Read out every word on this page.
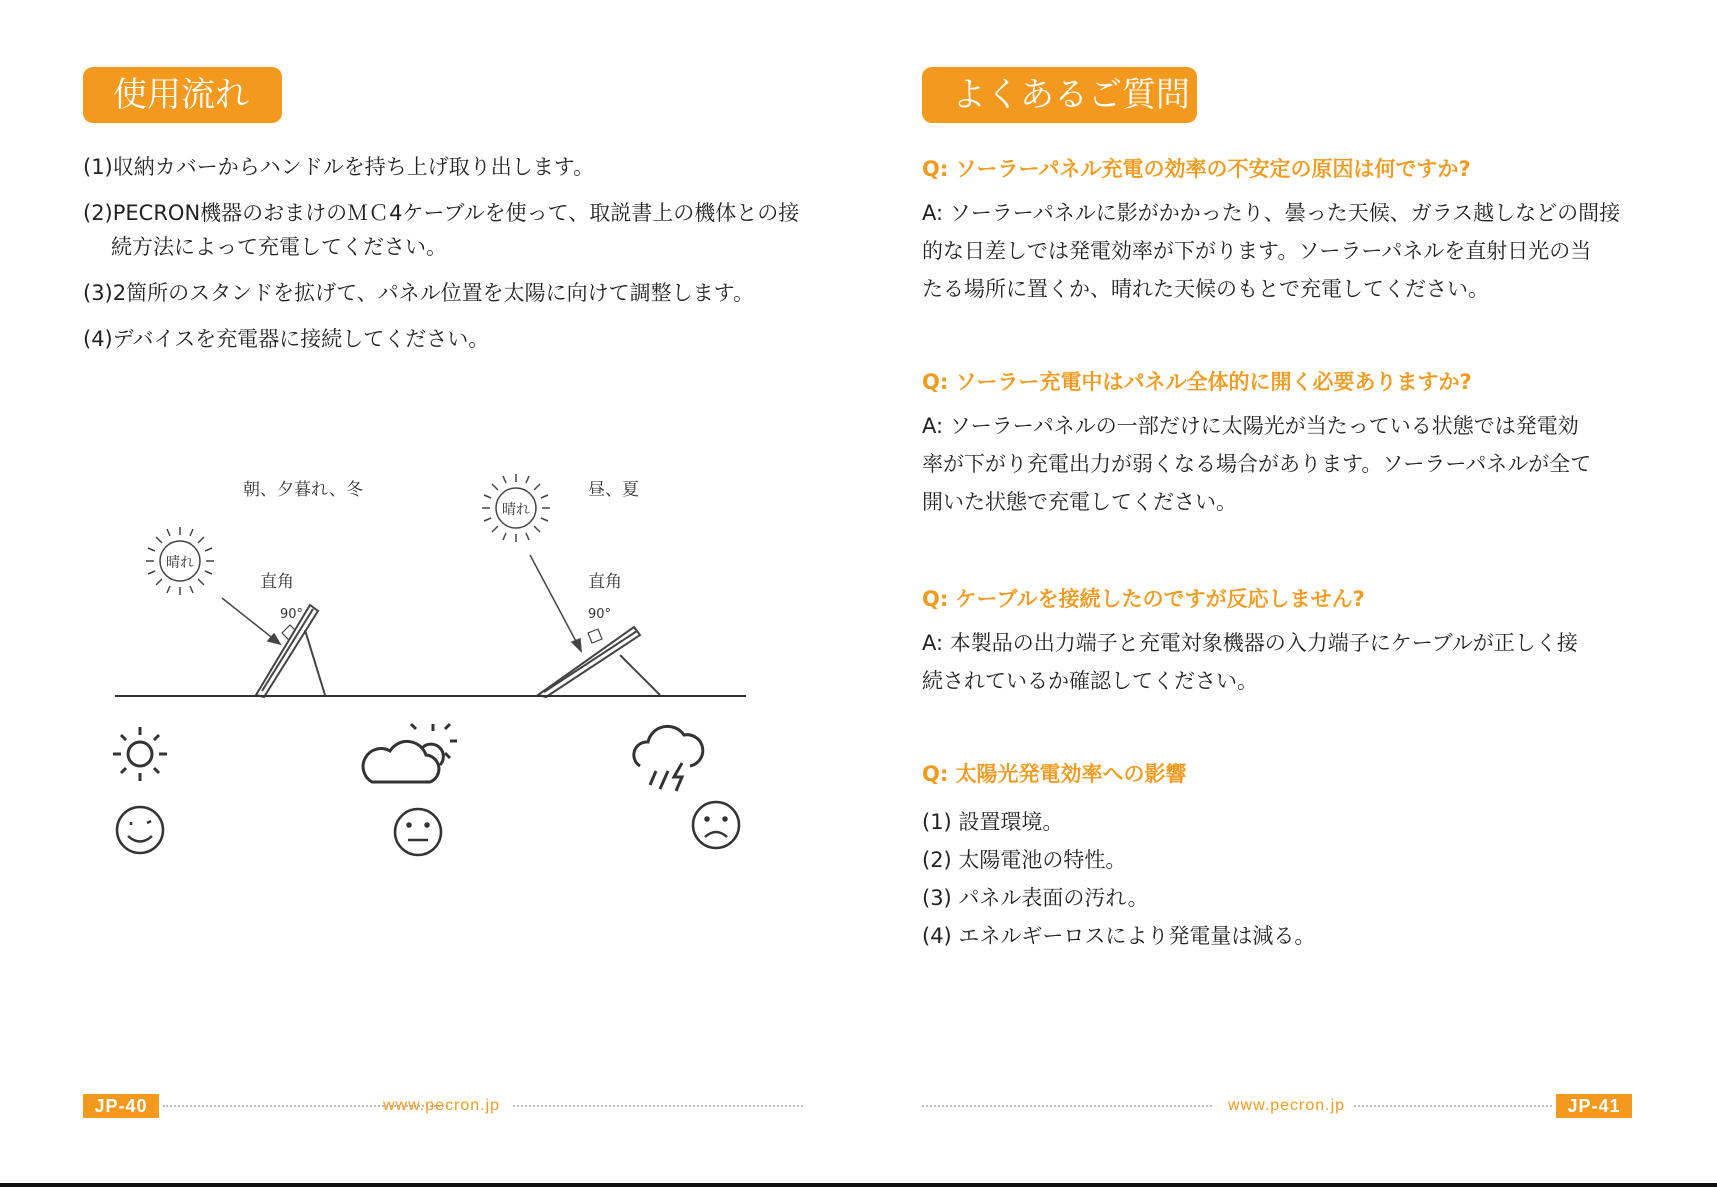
使用流れ
(1)収納カバーからハンドルを持ち上げ取り出します。
(2)PECRON機器のおまけのＭＣ4ケーブルを使って、取説書上の機体との接
続方法によって充電してください。
(3)2箇所のスタンドを拡げて、パネル位置を太陽に向けて調整します。
(4)デバイスを充電器に接続してください。
朝、夕暮れ、冬	昼、夏
晴れ
晴れ
直角	直角
90°	90°
JP-40	www.pecron.jp
よくあるご質問
Q: ソーラーパネル充電の効率の不安定の原因は何ですか?
A: ソーラーパネルに影がかかったり、曇った天候、ガラス越しなどの間接
的な日差しでは発電効率が下がります。ソーラーパネルを直射日光の当
たる場所に置くか、晴れた天候のもとで充電してください。
Q: ソーラー充電中はパネル全体的に開く必要ありますか?
A: ソーラーパネルの一部だけに太陽光が当たっている状態では発電効
率が下がり充電出力が弱くなる場合があります。ソーラーパネルが全て
開いた状態で充電してください。
Q: ケーブルを接続したのですが反応しません?
A: 本製品の出力端子と充電対象機器の入力端子にケーブルが正しく接
続されているか確認してください。
Q: 太陽光発電効率への影響
(1) 設置環境。
(2) 太陽電池の特性。
(3) パネル表面の汚れ。
(4) エネルギーロスにより発電量は減る。
www.pecron.jp	JP-41
